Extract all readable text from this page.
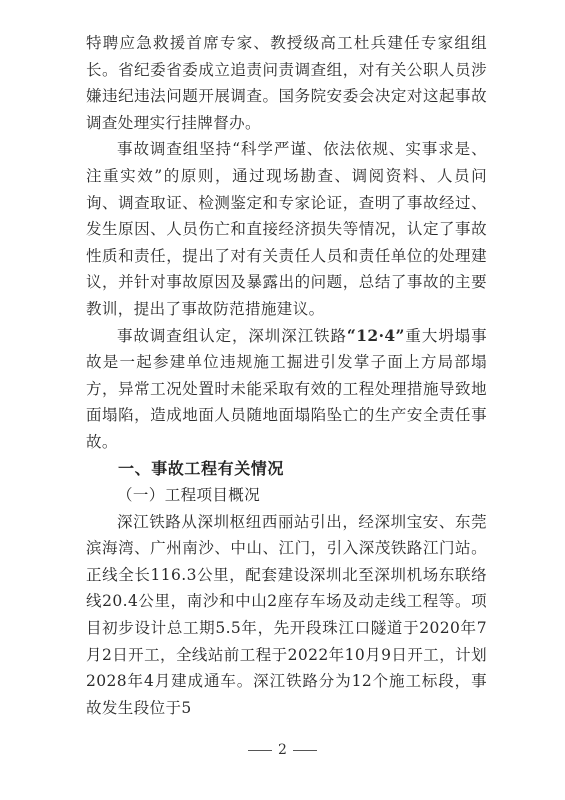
特聘应急救援首席专家、教授级高工杜兵建任专家组组长。省纪委省委成立追责问责调查组，对有关公职人员涉嫌违纪违法问题开展调查。国务院安委会决定对这起事故调查处理实行挂牌督办。

事故调查组坚持“科学严谨、依法依规、实事求是、注重实效”的原则，通过现场勘查、调阅资料、人员问询、调查取证、检测鉴定和专家论证，查明了事故经过、发生原因、人员伤亡和直接经济损失等情况，认定了事故性质和责任，提出了对有关责任人员和责任单位的处理建议，并针对事故原因及暴露出的问题，总结了事故的主要教训，提出了事故防范措施建议。

事故调查组认定，深圳深江铁路“12·4”重大坍塌事故是一起参建单位违规施工掘进引发掌子面上方局部塌方，异常工况处置时未能采取有效的工程处理措施导致地面塌陷，造成地面人员随地面塌陷坠亡的生产安全责任事故。

一、事故工程有关情况
（一）工程项目概况

深江铁路从深圳枢纽西丽站引出，经深圳宝安、东莞滨海湾、广州南沙、中山、江门，引入深茂铁路江门站。正线全长116.3公里，配套建设深圳北至深圳机场东联络线20.4公里，南沙和中山2座存车场及动走线工程等。项目初步设计总工期5.5年，先开段珠江口隧道于2020年7月2日开工，全线站前工程于2022年10月9日开工，计划2028年4月建成通车。深江铁路分为12个施工标段，事故发生段位于5

2
